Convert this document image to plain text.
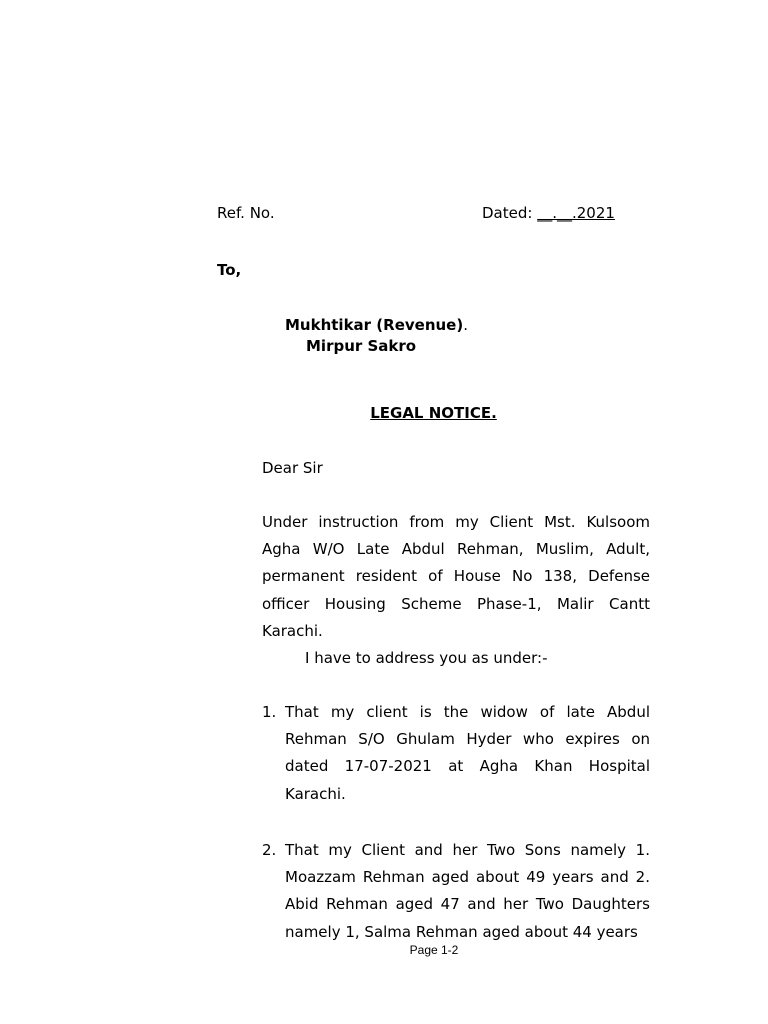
Ref. No.	Dated: __.__.2021
To,
Mukhtikar (Revenue).
Mirpur Sakro
LEGAL NOTICE.
Dear Sir
Under instruction from my Client Mst. Kulsoom Agha W/O Late Abdul Rehman, Muslim, Adult, permanent resident of House No 138, Defense officer Housing Scheme Phase-1, Malir Cantt Karachi.
I have to address you as under:-
1. That my client is the widow of late Abdul Rehman S/O Ghulam Hyder who expires on dated 17-07-2021 at Agha Khan Hospital Karachi.
2. That my Client and her Two Sons namely 1. Moazzam Rehman aged about 49 years and 2. Abid Rehman aged 47 and her Two Daughters namely 1, Salma Rehman aged about 44 years
Page 1-2
